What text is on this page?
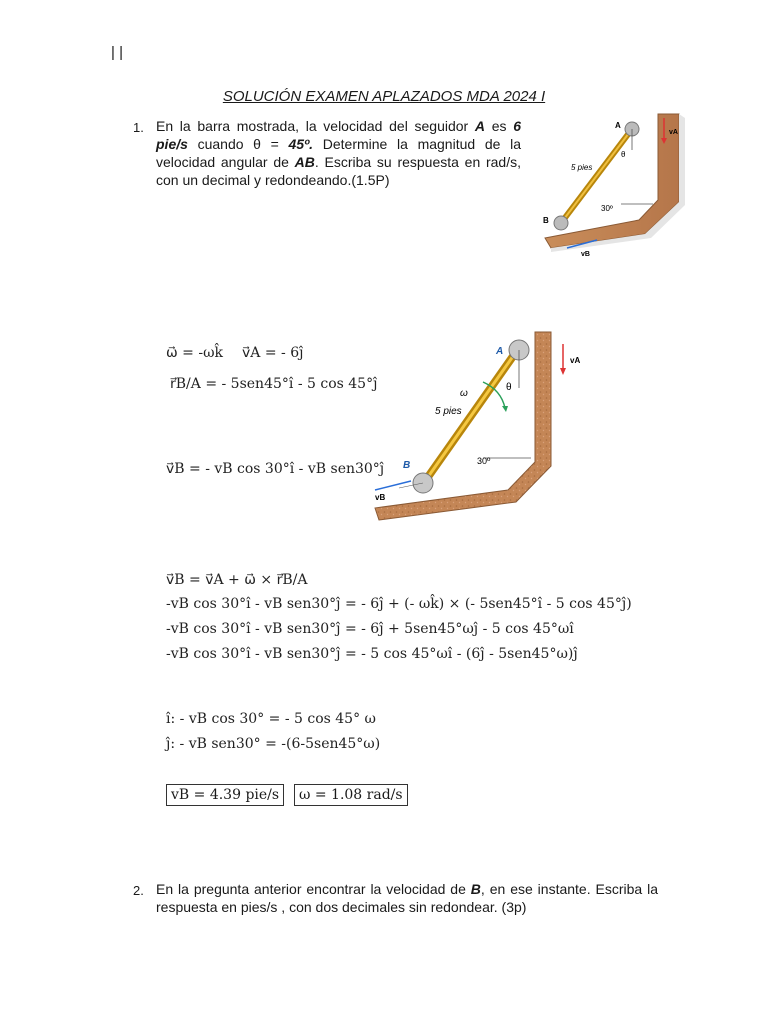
| |
SOLUCIÓN EXAMEN APLAZADOS MDA 2024 I
1. En la barra mostrada, la velocidad del seguidor A es 6 pie/s cuando θ = 45º. Determine la magnitud de la velocidad angular de AB. Escriba su respuesta en rad/s, con un decimal y redondeando.(1.5P)
A
B
vA
vB
θ
5 pies
30º
A
B
vA
vB
θ
ω
5 pies
30º
ω⃗ = -ωk̂ v⃗A = - 6ĵ
r⃗B/A = - 5sen45°î - 5 cos 45°ĵ
v⃗B = - vB cos 30°î - vB sen30°ĵ
v⃗B = v⃗A + ω⃗ × r⃗B/A
-vB cos 30°î - vB sen30°ĵ = - 6ĵ + (- ωk̂) × (- 5sen45°î - 5 cos 45°ĵ)
-vB cos 30°î - vB sen30°ĵ = - 6ĵ + 5sen45°ωĵ - 5 cos 45°ωî
-vB cos 30°î - vB sen30°ĵ = - 5 cos 45°ωî - (6ĵ - 5sen45°ω)ĵ
î: - vB cos 30° = - 5 cos 45° ω
ĵ: - vB sen30° = -(6-5sen45°ω)
vB = 4.39 pie/s	ω = 1.08 rad/s
2. En la pregunta anterior encontrar la velocidad de B, en ese instante. Escriba la respuesta en pies/s , con dos decimales sin redondear. (3p)
